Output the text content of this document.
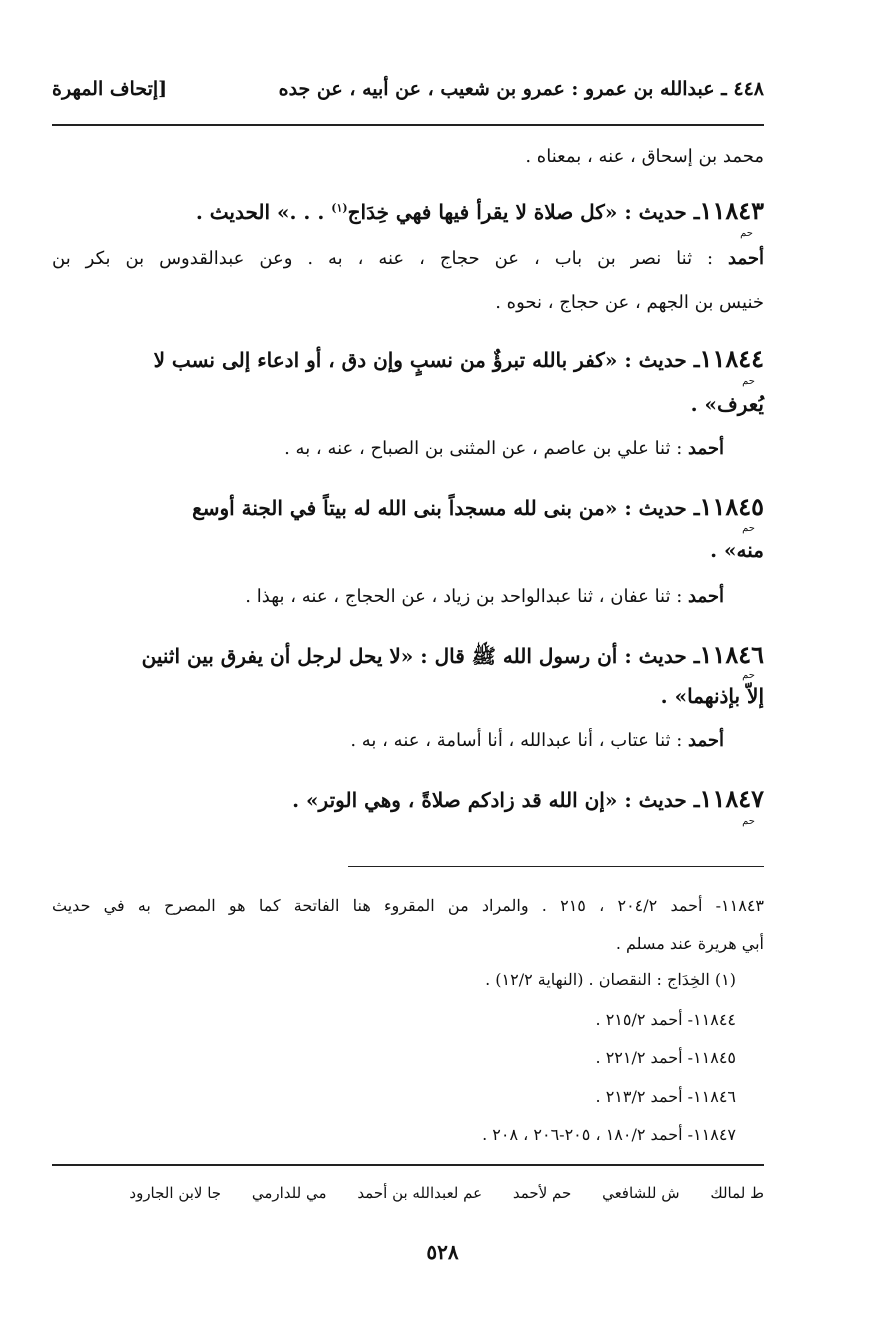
٤٤٨ ـ عبدالله بن عمرو : عمرو بن شعيب ، عن أبيه ، عن جده
[إتحاف المهرة
محمد بن إسحاق ، عنه ، بمعناه .
١١٨٤٣ـ حديث : «كل صلاة لا يقرأ فيها فهي خِدَاج$^{(١)}$ . . .» الحديث .
حم
أحمد : ثنا نصر بن باب ، عن حجاج ، عنه ، به . وعن عبدالقدوس بن بكر بن
خنيس بن الجهم ، عن حجاج ، نحوه .
١١٨٤٤ـ حديث : «كفر بالله تبرؤٌ من نسبٍ وإن دق ، أو ادعاء إلى نسب لا
حم
يُعرف» .
أحمد : ثنا علي بن عاصم ، عن المثنى بن الصباح ، عنه ، به .
١١٨٤٥ـ حديث : «من بنى لله مسجداً بنى الله له بيتاً في الجنة أوسع
حم
منه» .
أحمد : ثنا عفان ، ثنا عبدالواحد بن زياد ، عن الحجاج ، عنه ، بهذا .
١١٨٤٦ـ حديث : أن رسول الله ﷺ قال : «لا يحل لرجل أن يفرق بين اثنين
حم
إلاّ بإذنهما» .
أحمد : ثنا عتاب ، أنا عبدالله ، أنا أسامة ، عنه ، به .
١١٨٤٧ـ حديث : «إن الله قد زادكم صلاةً ، وهي الوتر» .
حم
١١٨٤٣- أحمد ٢٠٤/٢ ، ٢١٥ . والمراد من المقروء هنا الفاتحة كما هو المصرح به في حديث
أبي هريرة عند مسلم .
(١) الخِدَاج : النقصان . (النهاية ١٢/٢) .
١١٨٤٤- أحمد ٢١٥/٢ .
١١٨٤٥- أحمد ٢٢١/٢ .
١١٨٤٦- أحمد ٢١٣/٢ .
١١٨٤٧- أحمد ١٨٠/٢ ، ٢٠٥-٢٠٦ ، ٢٠٨ .
ط لمالك ش للشافعي حم لأحمد عم لعبدالله بن أحمد مي للدارمي جا لابن الجارود
٥٢٨
